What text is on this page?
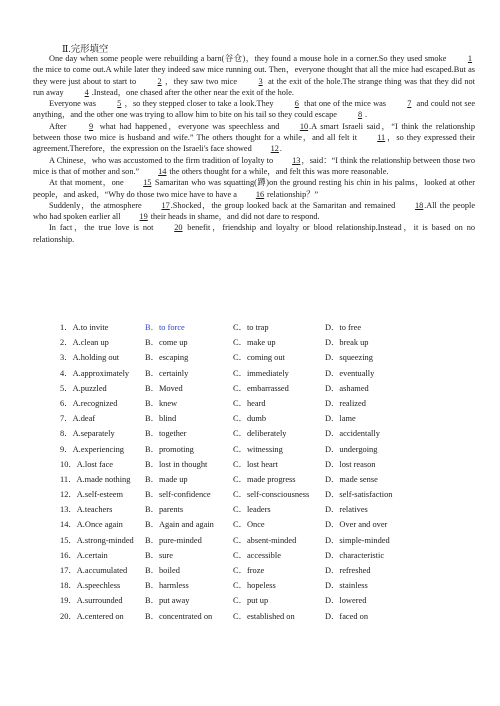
Ⅱ.完形填空

One day when some people were rebuilding a barn(谷仓)，they found a mouse hole in a corner.So they used smoke 1 the mice to come out.A while later they indeed saw mice running out. Then，everyone thought that all the mice had escaped.But as they were just about to start to 2 ，they saw two mice 3 at the exit of the hole.The strange thing was that they did not run away 4 .Instead，one chased after the other near the exit of the hole.

Everyone was 5 ，so they stepped closer to take a look.They 6 that one of the mice was 7 and could not see anything，and the other one was trying to allow him to bite on his tail so they could escape 8 .

After 9 what had happened，everyone was speechless and 10.A smart Israeli said，“I think the relationship between those two mice is husband and wife.” The others thought for a while，and all felt it 11，so they expressed their agreement.Therefore，the expression on the Israeli's face showed 12.

A Chinese，who was accustomed to the firm tradition of loyalty to 13，said：“I think the relationship between those two mice is that of mother and son.” 14 the others thought for a while，and felt this was more reasonable.

At that moment，one 15 Samaritan who was squatting(蹲)on the ground resting his chin in his palms，looked at other people，and asked，“Why do those two mice have to have a 16 relationship？”

Suddenly，the atmosphere 17.Shocked，the group looked back at the Samaritan and remained 18.All the people who had spoken earlier all 19 their heads in shame，and did not dare to respond.

In fact，the true love is not 20 benefit，friendship and loyalty or blood relationship.Instead，it is based on no relationship.

1．A.to invite	B．to force	C．to trap	D．to free
2．A.clean up	B．come up	C．make up	D．break up
3．A.holding out	B．escaping	C．coming out	D．squeezing
4．A.approximately	B．certainly	C．immediately	D．eventually
5．A.puzzled	B．Moved	C．embarrassed	D．ashamed
6．A.recognized	B．knew	C．heard	D．realized
7．A.deaf	B．blind	C．dumb	D．lame
8．A.separately	B．together	C．deliberately	D．accidentally
9．A.experiencing	B．promoting	C．witnessing	D．undergoing
10．A.lost face	B．lost in thought	C．lost heart	D．lost reason
11．A.made nothing	B．made up	C．made progress	D．made sense
12．A.self-esteem	B．self-confidence	C．self-consciousness	D．self-satisfaction
13．A.teachers	B．parents	C．leaders	D．relatives
14．A.Once again	B．Again and again	C．Once	D．Over and over
15．A.strong-minded	B．pure-minded	C．absent-minded	D．simple-minded
16．A.certain	B．sure	C．accessible	D．characteristic
17．A.accumulated	B．boiled	C．froze	D．refreshed
18．A.speechless	B．harmless	C．hopeless	D．stainless
19．A.surrounded	B．put away	C．put up	D．lowered
20．A.centered on	B．concentrated on	C．established on	D．faced on
